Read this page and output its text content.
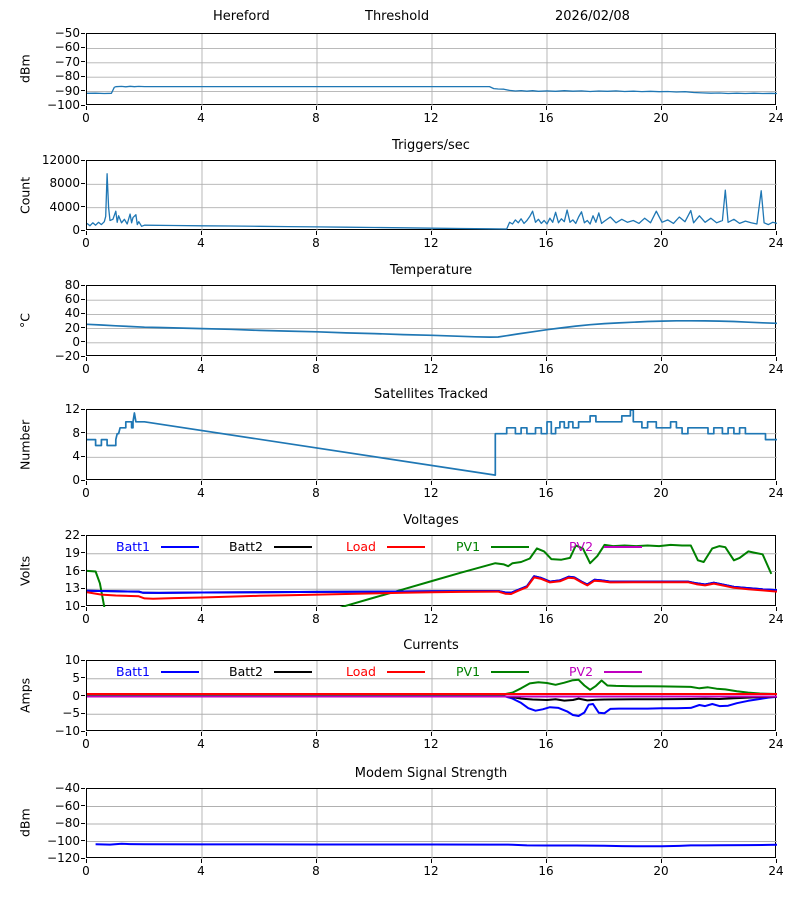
Hereford	Threshold	2026/02/08
dBm
0	4	8	12	16	20	24
−100
−90
−80
−70
−60
−50
Triggers/sec
Count
0	4	8	12	16	20	24
0
4000
8000
12000
Temperature
°C
0	4	8	12	16	20	24
−20
0
20
40
60
80
Satellites Tracked
Number
0	4	8	12	16	20	24
0
4
8
12
Voltages
Volts
Batt1	Batt2	Load	PV1	PV2
0	4	8	12	16	20	24
10
13
16
19
22
Currents
Amps
Batt1	Batt2	Load	PV1	PV2
0	4	8	12	16	20	24
−10
−5
0
5
10
Modem Signal Strength
dBm
0	4	8	12	16	20	24
−120
−100
−80
−60
−40
